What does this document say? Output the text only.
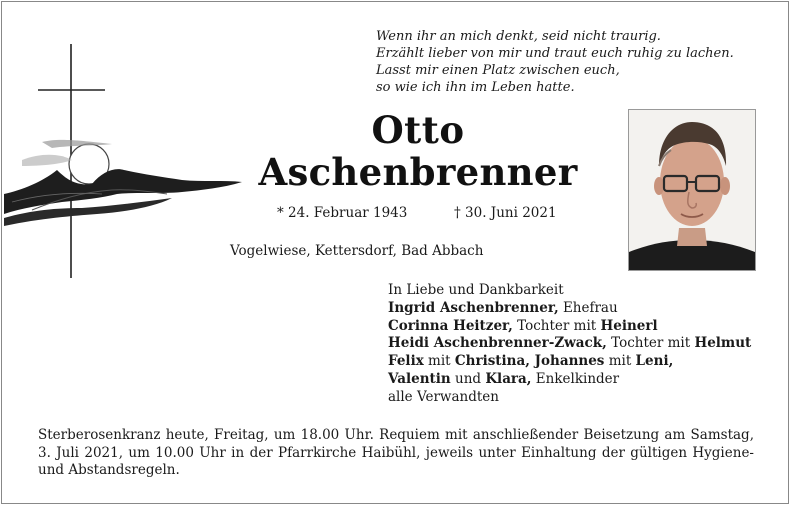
Wenn ihr an mich denkt, seid nicht traurig.
Erzählt lieber von mir und traut euch ruhig zu lachen.
Lasst mir einen Platz zwischen euch,
so wie ich ihn im Leben hatte.
Otto
Aschenbrenner
* 24. Februar 1943	† 30. Juni 2021
Vogelwiese, Kettersdorf, Bad Abbach
In Liebe und Dankbarkeit
Ingrid Aschenbrenner, Ehefrau
Corinna Heitzer, Tochter mit Heinerl
Heidi Aschenbrenner-Zwack, Tochter mit Helmut
Felix mit Christina, Johannes mit Leni,
Valentin und Klara, Enkelkinder
alle Verwandten
Sterberosenkranz heute, Freitag, um 18.00 Uhr. Requiem mit anschließender Beisetzung am Samstag, 3. Juli 2021, um 10.00 Uhr in der Pfarrkirche Haibühl, jeweils unter Einhaltung der gültigen Hygiene- und Abstandsregeln.
